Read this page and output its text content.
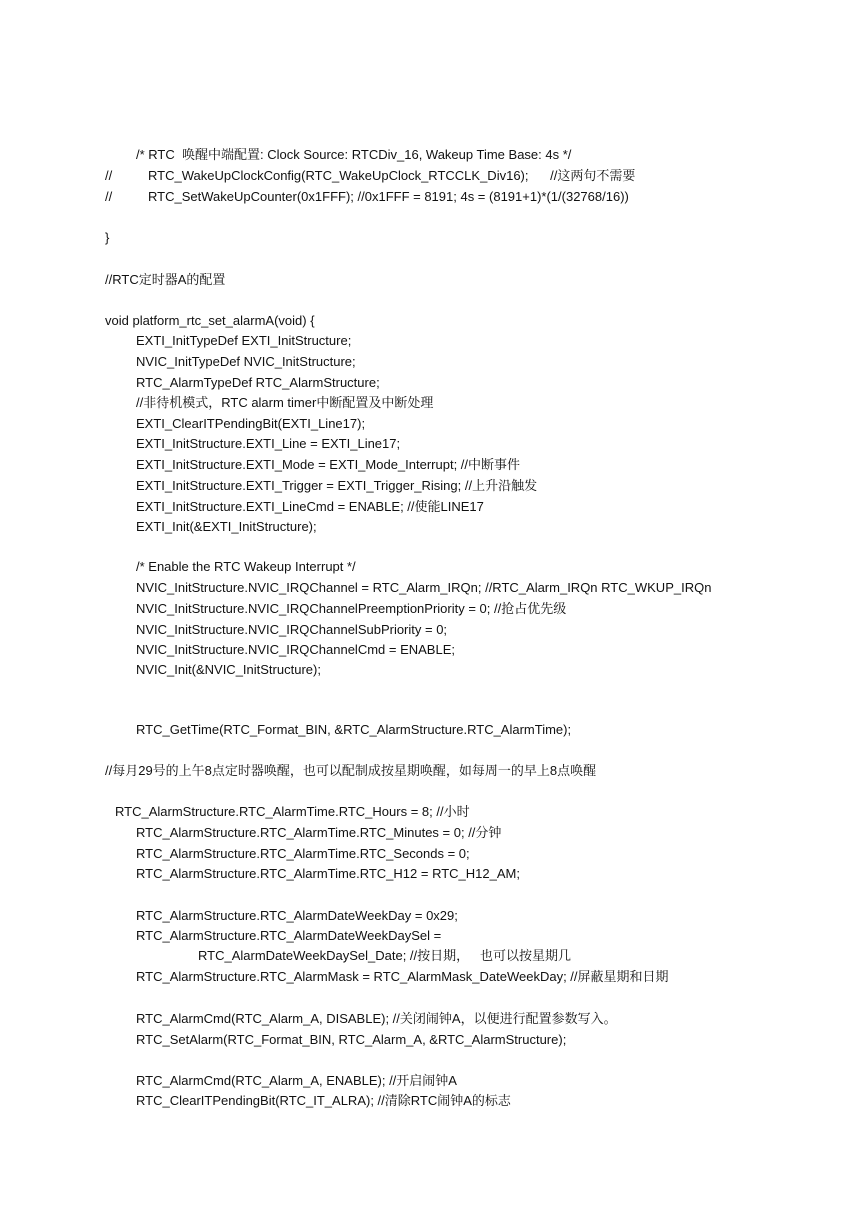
/* RTC  唤醒中端配置: Clock Source: RTCDiv_16, Wakeup Time Base: 4s */
//	RTC_WakeUpClockConfig(RTC_WakeUpClock_RTCCLK_Div16);      //这两句不需要
//	RTC_SetWakeUpCounter(0x1FFF); //0x1FFF = 8191; 4s = (8191+1)*(1/(32768/16))
}
//RTC定时器A的配置
void platform_rtc_set_alarmA(void) {
EXTI_InitTypeDef EXTI_InitStructure;
NVIC_InitTypeDef NVIC_InitStructure;
RTC_AlarmTypeDef RTC_AlarmStructure;
//非待机模式，RTC alarm timer中断配置及中断处理
EXTI_ClearITPendingBit(EXTI_Line17);
EXTI_InitStructure.EXTI_Line = EXTI_Line17;
EXTI_InitStructure.EXTI_Mode = EXTI_Mode_Interrupt; //中断事件
EXTI_InitStructure.EXTI_Trigger = EXTI_Trigger_Rising; //上升沿触发
EXTI_InitStructure.EXTI_LineCmd = ENABLE; //使能LINE17
EXTI_Init(&EXTI_InitStructure);
/* Enable the RTC Wakeup Interrupt */
NVIC_InitStructure.NVIC_IRQChannel = RTC_Alarm_IRQn; //RTC_Alarm_IRQn RTC_WKUP_IRQn
NVIC_InitStructure.NVIC_IRQChannelPreemptionPriority = 0; //抢占优先级
NVIC_InitStructure.NVIC_IRQChannelSubPriority = 0;
NVIC_InitStructure.NVIC_IRQChannelCmd = ENABLE;
NVIC_Init(&NVIC_InitStructure);
RTC_GetTime(RTC_Format_BIN, &RTC_AlarmStructure.RTC_AlarmTime);
//每月29号的上午8点定时器唤醒，也可以配制成按星期唤醒，如每周一的早上8点唤醒
RTC_AlarmStructure.RTC_AlarmTime.RTC_Hours = 8; //小时
RTC_AlarmStructure.RTC_AlarmTime.RTC_Minutes = 0; //分钟
RTC_AlarmStructure.RTC_AlarmTime.RTC_Seconds = 0;
RTC_AlarmStructure.RTC_AlarmTime.RTC_H12 = RTC_H12_AM;
RTC_AlarmStructure.RTC_AlarmDateWeekDay = 0x29;
RTC_AlarmStructure.RTC_AlarmDateWeekDaySel =
RTC_AlarmDateWeekDaySel_Date; //按日期，   也可以按星期几
RTC_AlarmStructure.RTC_AlarmMask = RTC_AlarmMask_DateWeekDay; //屏蔽星期和日期
RTC_AlarmCmd(RTC_Alarm_A, DISABLE); //关闭闹钟A，以便进行配置参数写入。
RTC_SetAlarm(RTC_Format_BIN, RTC_Alarm_A, &RTC_AlarmStructure);
RTC_AlarmCmd(RTC_Alarm_A, ENABLE); //开启闹钟A
RTC_ClearITPendingBit(RTC_IT_ALRA); //清除RTC闹钟A的标志
